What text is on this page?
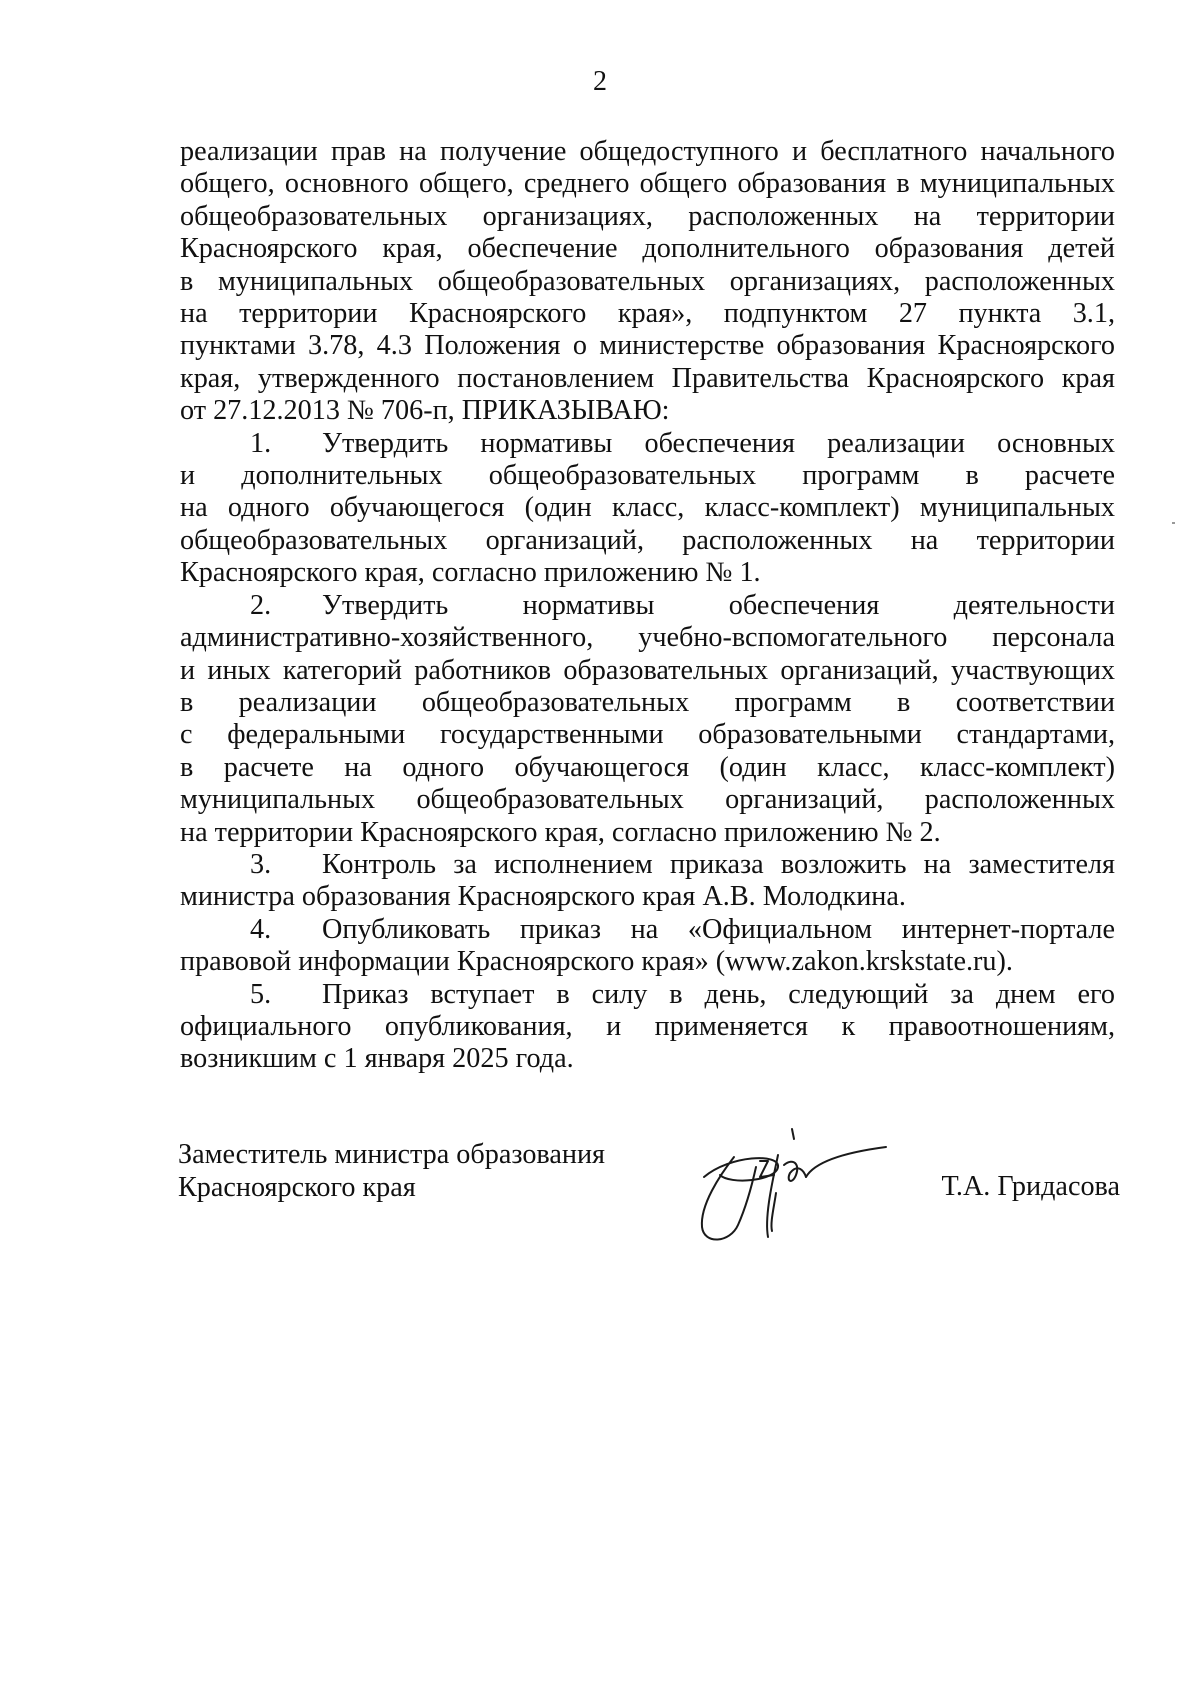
2

реализации прав на получение общедоступного и бесплатного начального

общего, основного общего, среднего общего образования в муниципальных

общеобразовательных организациях, расположенных на территории

Красноярского края, обеспечение дополнительного образования детей

в муниципальных общеобразовательных организациях, расположенных

на территории Красноярского края», подпунктом 27 пункта 3.1,

пунктами 3.78, 4.3 Положения о министерстве образования Красноярского

края, утвержденного постановлением Правительства Красноярского края

от 27.12.2013 № 706-п, ПРИКАЗЫВАЮ:

1. Утвердить нормативы обеспечения реализации основных

и дополнительных общеобразовательных программ в расчете

на одного обучающегося (один класс, класс-комплект) муниципальных

общеобразовательных организаций, расположенных на территории

Красноярского края, согласно приложению № 1.

2. Утвердить нормативы обеспечения деятельности

административно-хозяйственного, учебно-вспомогательного персонала

и иных категорий работников образовательных организаций, участвующих

в реализации общеобразовательных программ в соответствии

с федеральными государственными образовательными стандартами,

в расчете на одного обучающегося (один класс, класс-комплект)

муниципальных общеобразовательных организаций, расположенных

на территории Красноярского края, согласно приложению № 2.

3. Контроль за исполнением приказа возложить на заместителя

министра образования Красноярского края А.В. Молодкина.

4. Опубликовать приказ на «Официальном интернет-портале

правовой информации Красноярского края» (www.zakon.krskstate.ru).

5. Приказ вступает в силу в день, следующий за днем его

официального опубликования, и применяется к правоотношениям,

возникшим с 1 января 2025 года.

Заместитель министра образования
Красноярского края	Т.А. Гридасова
